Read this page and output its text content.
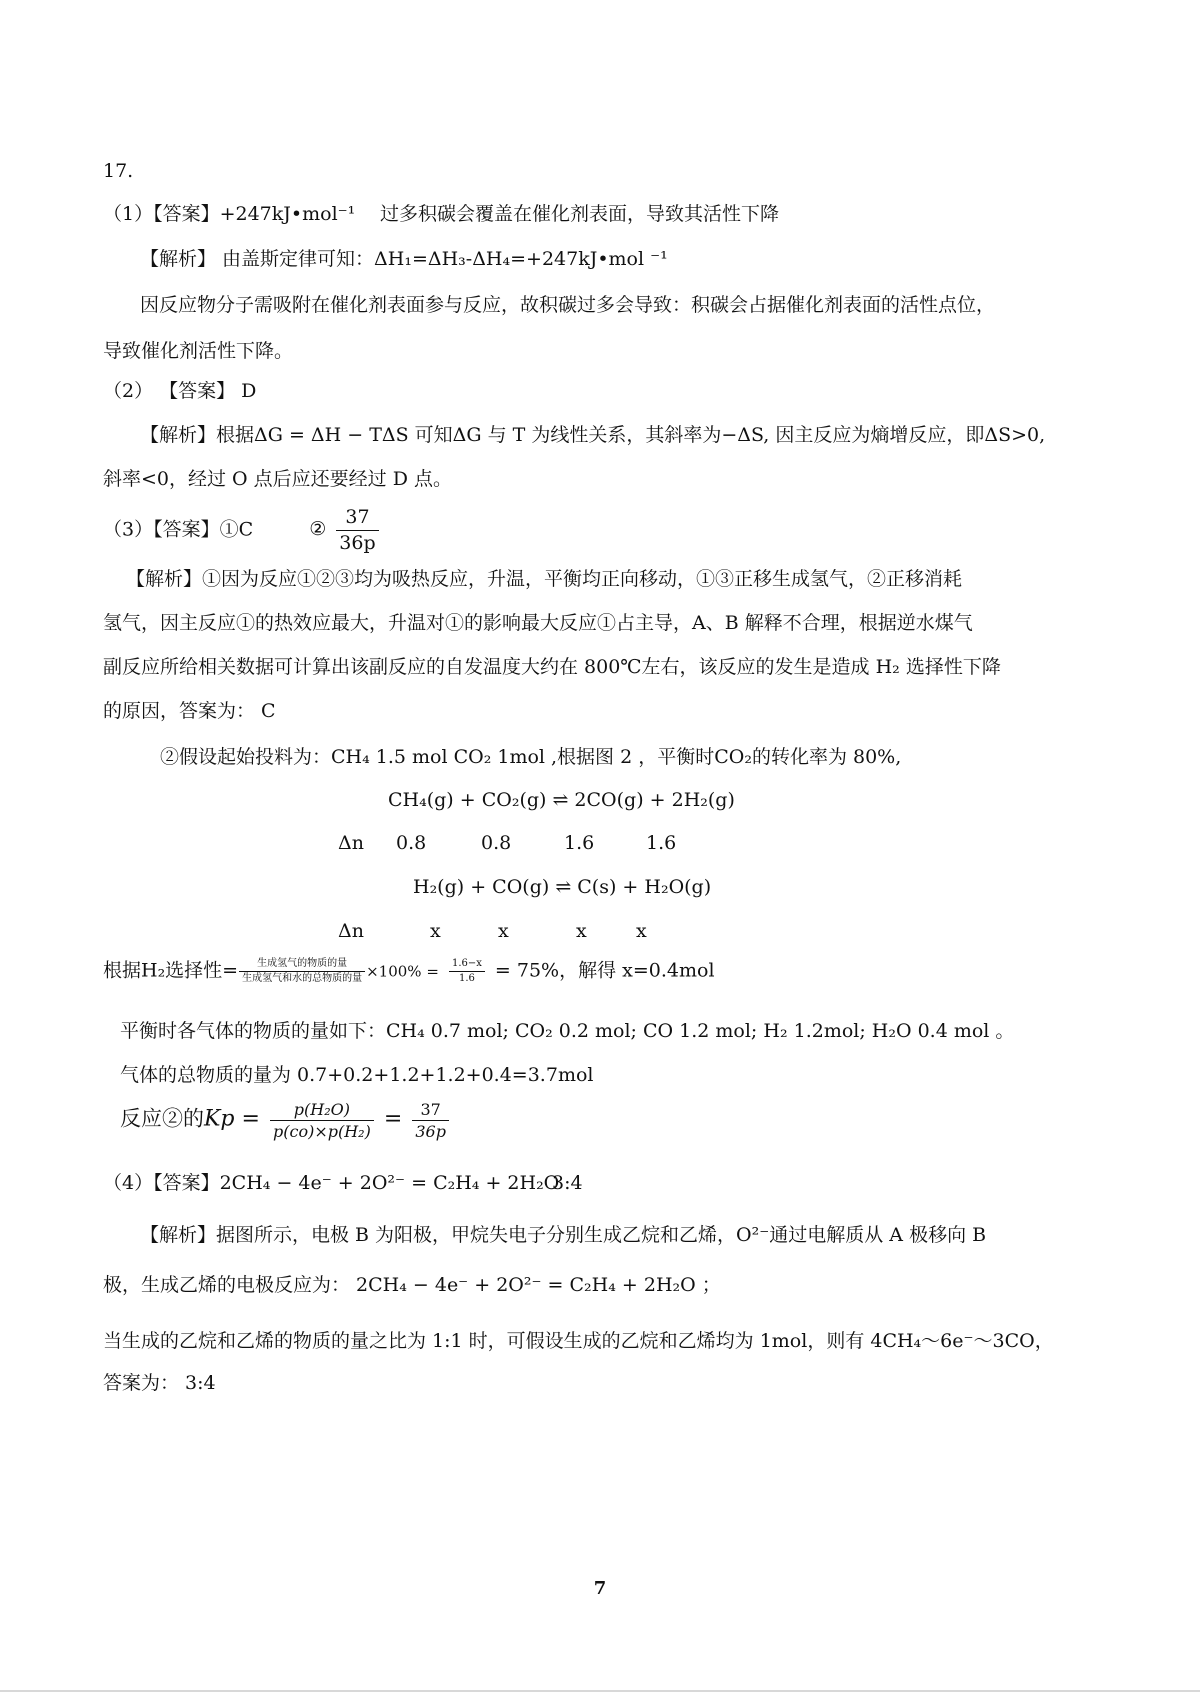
17.
（1）【答案】+247kJ•mol⁻¹ 过多积碳会覆盖在催化剂表面，导致其活性下降
【解析】 由盖斯定律可知：ΔH₁=ΔH₃-ΔH₄=+247kJ•mol ⁻¹
因反应物分子需吸附在催化剂表面参与反应，故积碳过多会导致：积碳会占据催化剂表面的活性点位，
导致催化剂活性下降。
（2） 【答案】 D
【解析】根据ΔG = ΔH − TΔS 可知ΔG 与 T 为线性关系，其斜率为−ΔS, 因主反应为熵增反应，即ΔS>0,
斜率<0，经过 O 点后应还要经过 D 点。
（3）【答案】①C	② $\frac{37}{36p}$
【解析】①因为反应①②③均为吸热反应，升温，平衡均正向移动，①③正移生成氢气，②正移消耗
氢气，因主反应①的热效应最大，升温对①的影响最大反应①占主导，A、B 解释不合理，根据逆水煤气
副反应所给相关数据可计算出该副反应的自发温度大约在 800℃左右，该反应的发生是造成 H₂ 选择性下降
的原因，答案为： C
②假设起始投料为：CH₄ 1.5 mol CO₂ 1mol ,根据图 2 ，平衡时CO₂的转化率为 80%,
CH₄(g) + CO₂(g) ⇌ 2CO(g) + 2H₂(g)
Δn 0.8	0.8	1.6	1.6
H₂(g) + CO(g) ⇌ C(s) + H₂O(g)
Δn	x	x	x	x
根据H₂选择性= $\frac{\text{生成氢气的物质的量}}{\text{生成氢气和水的总物质的量}} \times 100\% = \frac{1.6-x}{1.6} = 75\%$，解得 x=0.4mol
平衡时各气体的物质的量如下：CH₄ 0.7 mol; CO₂ 0.2 mol; CO 1.2 mol; H₂ 1.2mol; H₂O 0.4 mol 。
气体的总物质的量为 0.7+0.2+1.2+1.2+0.4=3.7mol
反应②的$Kp = \frac{\text{p(H₂O)}}{\text{p(co)×p(H₂)}} = \frac{37}{36p}$
（4）【答案】2CH₄ − 4e⁻ + 2O²⁻ = C₂H₄ + 2H₂O
3:4
【解析】据图所示，电极 B 为阳极，甲烷失电子分别生成乙烷和乙烯，O²⁻通过电解质从 A 极移向 B
极，生成乙烯的电极反应为： 2CH₄ − 4e⁻ + 2O²⁻ = C₂H₄ + 2H₂O ；
当生成的乙烷和乙烯的物质的量之比为 1:1 时，可假设生成的乙烷和乙烯均为 1mol，则有 4CH₄～6e⁻～3CO，
答案为： 3:4
7
